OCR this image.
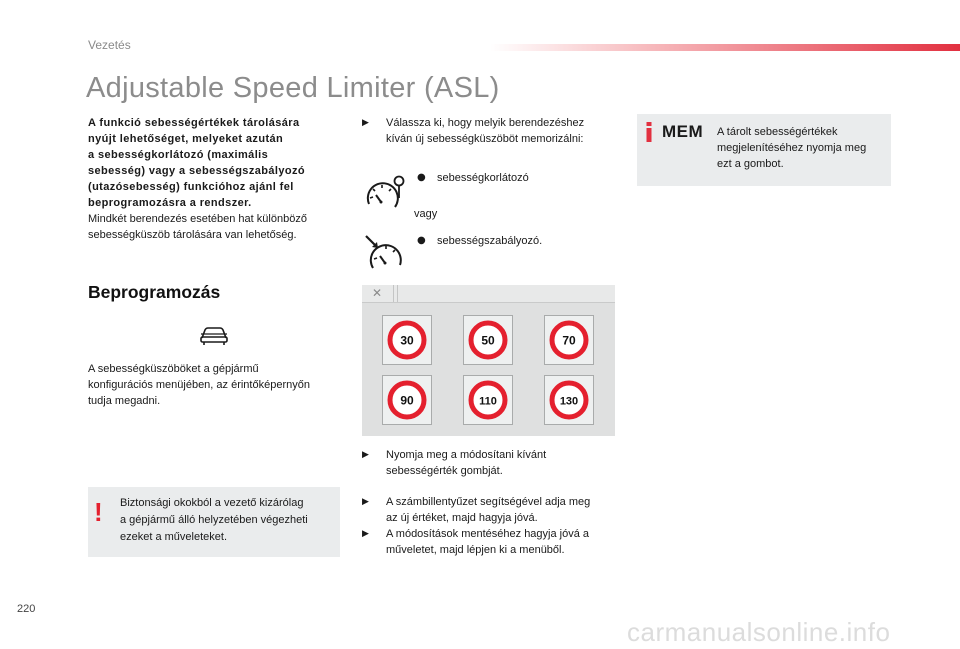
Vezetés
Adjustable Speed Limiter (ASL)
A funkció sebességértékek tárolására
nyújt lehetőséget, melyeket azután
a sebességkorlátozó (maximális
sebesség) vagy a sebességszabályozó
(utazósebesség) funkcióhoz ajánl fel
beprogramozásra a rendszer.
Mindkét berendezés esetében hat különböző
sebességküszöb tárolására van lehetőség.
Beprogramozás
A sebességküszöböket a gépjármű
konfigurációs menüjében, az érintőképernyőn
tudja megadni.
! Biztonsági okokból a vezető kizárólag
a gépjármű álló helyzetében végezheti
ezeket a műveleteket.
▶ Válassza ki, hogy melyik berendezéshez
kíván új sebességküszöböt memorizálni:
● sebességkorlátozó
vagy
● sebességszabályozó.
✕
30	50	70
90	110	130
▶ Nyomja meg a módosítani kívánt
sebességérték gombját.
▶ A számbillentyűzet segítségével adja meg
az új értéket, majd hagyja jóvá.
▶ A módosítások mentéséhez hagyja jóvá a
műveletet, majd lépjen ki a menüből.
MEM A tárolt sebességértékek
megjelenítéséhez nyomja meg
ezt a gombot.
220
carmanualsonline.info
